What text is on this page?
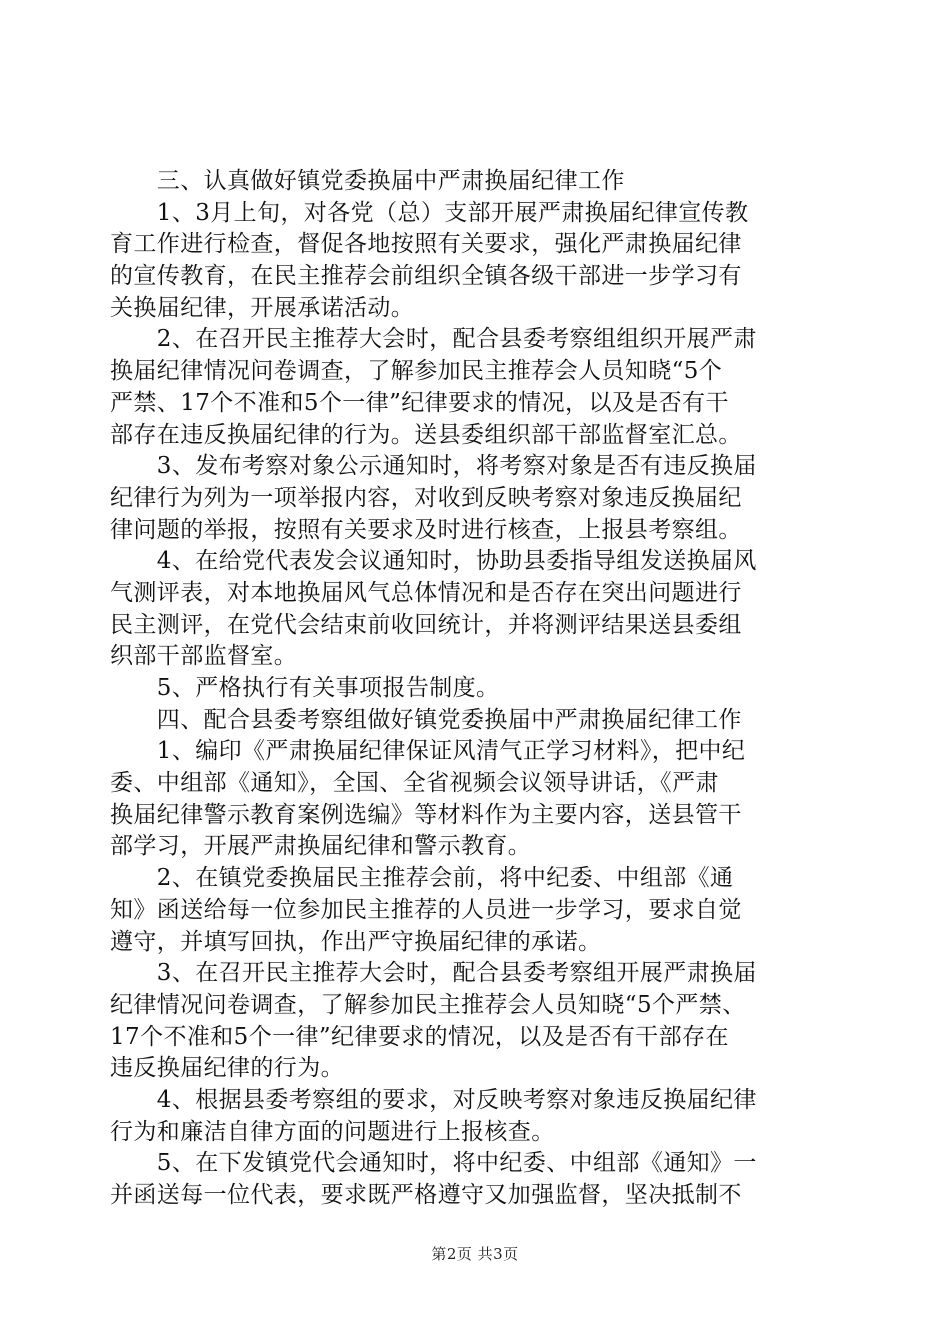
　　三、认真做好镇党委换届中严肃换届纪律工作
　　1、3月上旬，对各党（总）支部开展严肃换届纪律宣传教
育工作进行检查，督促各地按照有关要求，强化严肃换届纪律
的宣传教育，在民主推荐会前组织全镇各级干部进一步学习有
关换届纪律，开展承诺活动。
　　2、在召开民主推荐大会时，配合县委考察组组织开展严肃
换届纪律情况问卷调查，了解参加民主推荐会人员知晓“5个
严禁、17个不准和5个一律”纪律要求的情况，以及是否有干
部存在违反换届纪律的行为。送县委组织部干部监督室汇总。
　　3、发布考察对象公示通知时，将考察对象是否有违反换届
纪律行为列为一项举报内容，对收到反映考察对象违反换届纪
律问题的举报，按照有关要求及时进行核查，上报县考察组。
　　4、在给党代表发会议通知时，协助县委指导组发送换届风
气测评表，对本地换届风气总体情况和是否存在突出问题进行
民主测评，在党代会结束前收回统计，并将测评结果送县委组
织部干部监督室。
　　5、严格执行有关事项报告制度。
　　四、配合县委考察组做好镇党委换届中严肃换届纪律工作
　　1、编印《严肃换届纪律保证风清气正学习材料》，把中纪
委、中组部《通知》，全国、全省视频会议领导讲话，《严肃
换届纪律警示教育案例选编》等材料作为主要内容，送县管干
部学习，开展严肃换届纪律和警示教育。
　　2、在镇党委换届民主推荐会前，将中纪委、中组部《通
知》函送给每一位参加民主推荐的人员进一步学习，要求自觉
遵守，并填写回执，作出严守换届纪律的承诺。
　　3、在召开民主推荐大会时，配合县委考察组开展严肃换届
纪律情况问卷调查，了解参加民主推荐会人员知晓“5个严禁、
17个不准和5个一律”纪律要求的情况，以及是否有干部存在
违反换届纪律的行为。
　　4、根据县委考察组的要求，对反映考察对象违反换届纪律
行为和廉洁自律方面的问题进行上报核查。
　　5、在下发镇党代会通知时，将中纪委、中组部《通知》一
并函送每一位代表，要求既严格遵守又加强监督，坚决抵制不
第2页 共3页
